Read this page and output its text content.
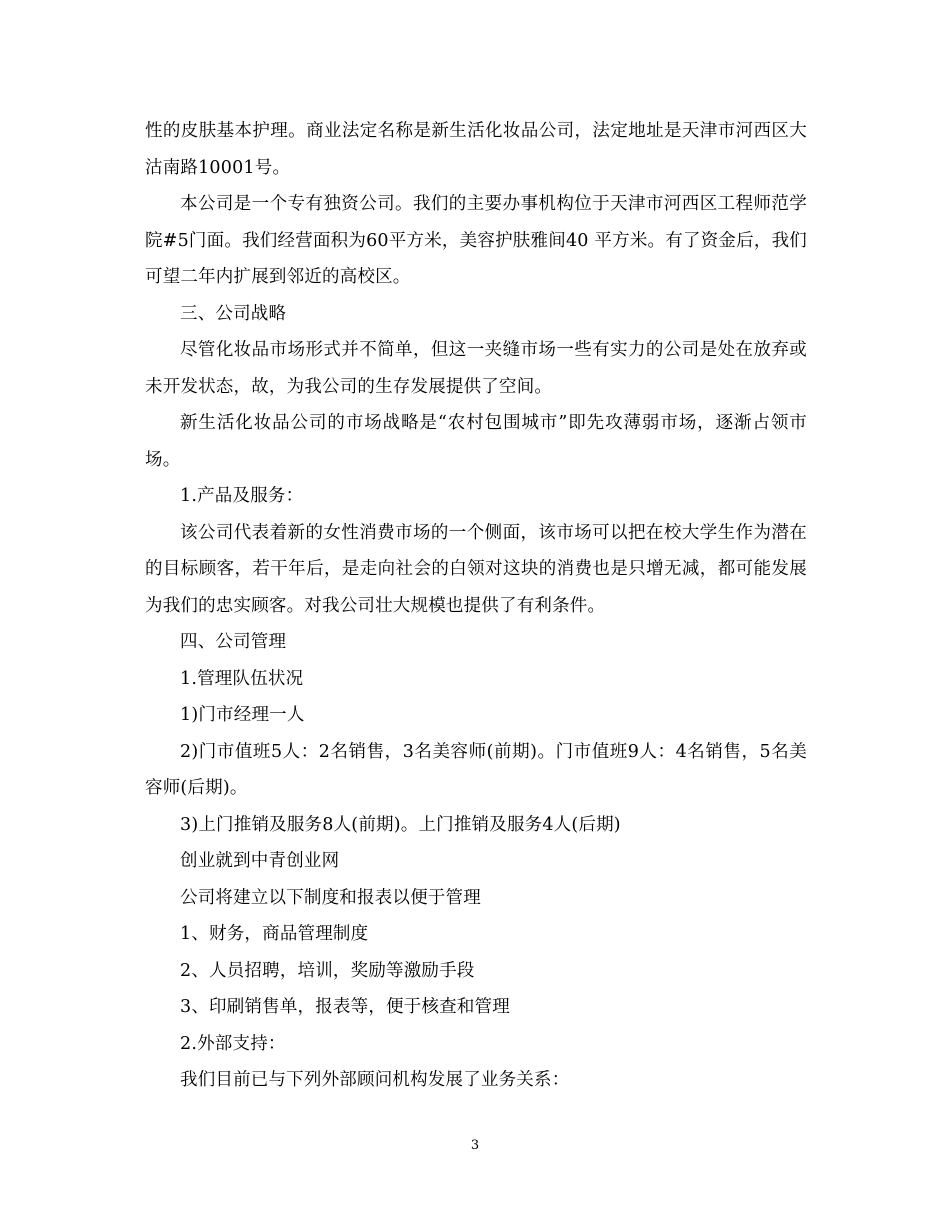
性的皮肤基本护理。商业法定名称是新生活化妆品公司，法定地址是天津市河西区大沽南路10001号。

本公司是一个专有独资公司。我们的主要办事机构位于天津市河西区工程师范学院#5门面。我们经营面积为60平方米，美容护肤雅间40 平方米。有了资金后，我们可望二年内扩展到邻近的高校区。

三、公司战略

尽管化妆品市场形式并不简单，但这一夹缝市场一些有实力的公司是处在放弃或未开发状态，故，为我公司的生存发展提供了空间。

新生活化妆品公司的市场战略是“农村包围城市”即先攻薄弱市场，逐渐占领市场。

1.产品及服务：

该公司代表着新的女性消费市场的一个侧面，该市场可以把在校大学生作为潜在的目标顾客，若干年后，是走向社会的白领对这块的消费也是只增无减，都可能发展为我们的忠实顾客。对我公司壮大规模也提供了有利条件。

四、公司管理

1.管理队伍状况

1)门市经理一人

2)门市值班5人：2名销售，3名美容师(前期)。门市值班9人：4名销售，5名美容师(后期)。

3)上门推销及服务8人(前期)。上门推销及服务4人(后期)

创业就到中青创业网

公司将建立以下制度和报表以便于管理

1、财务，商品管理制度

2、人员招聘，培训，奖励等激励手段

3、印刷销售单，报表等，便于核查和管理

2.外部支持：

我们目前已与下列外部顾问机构发展了业务关系：

3
